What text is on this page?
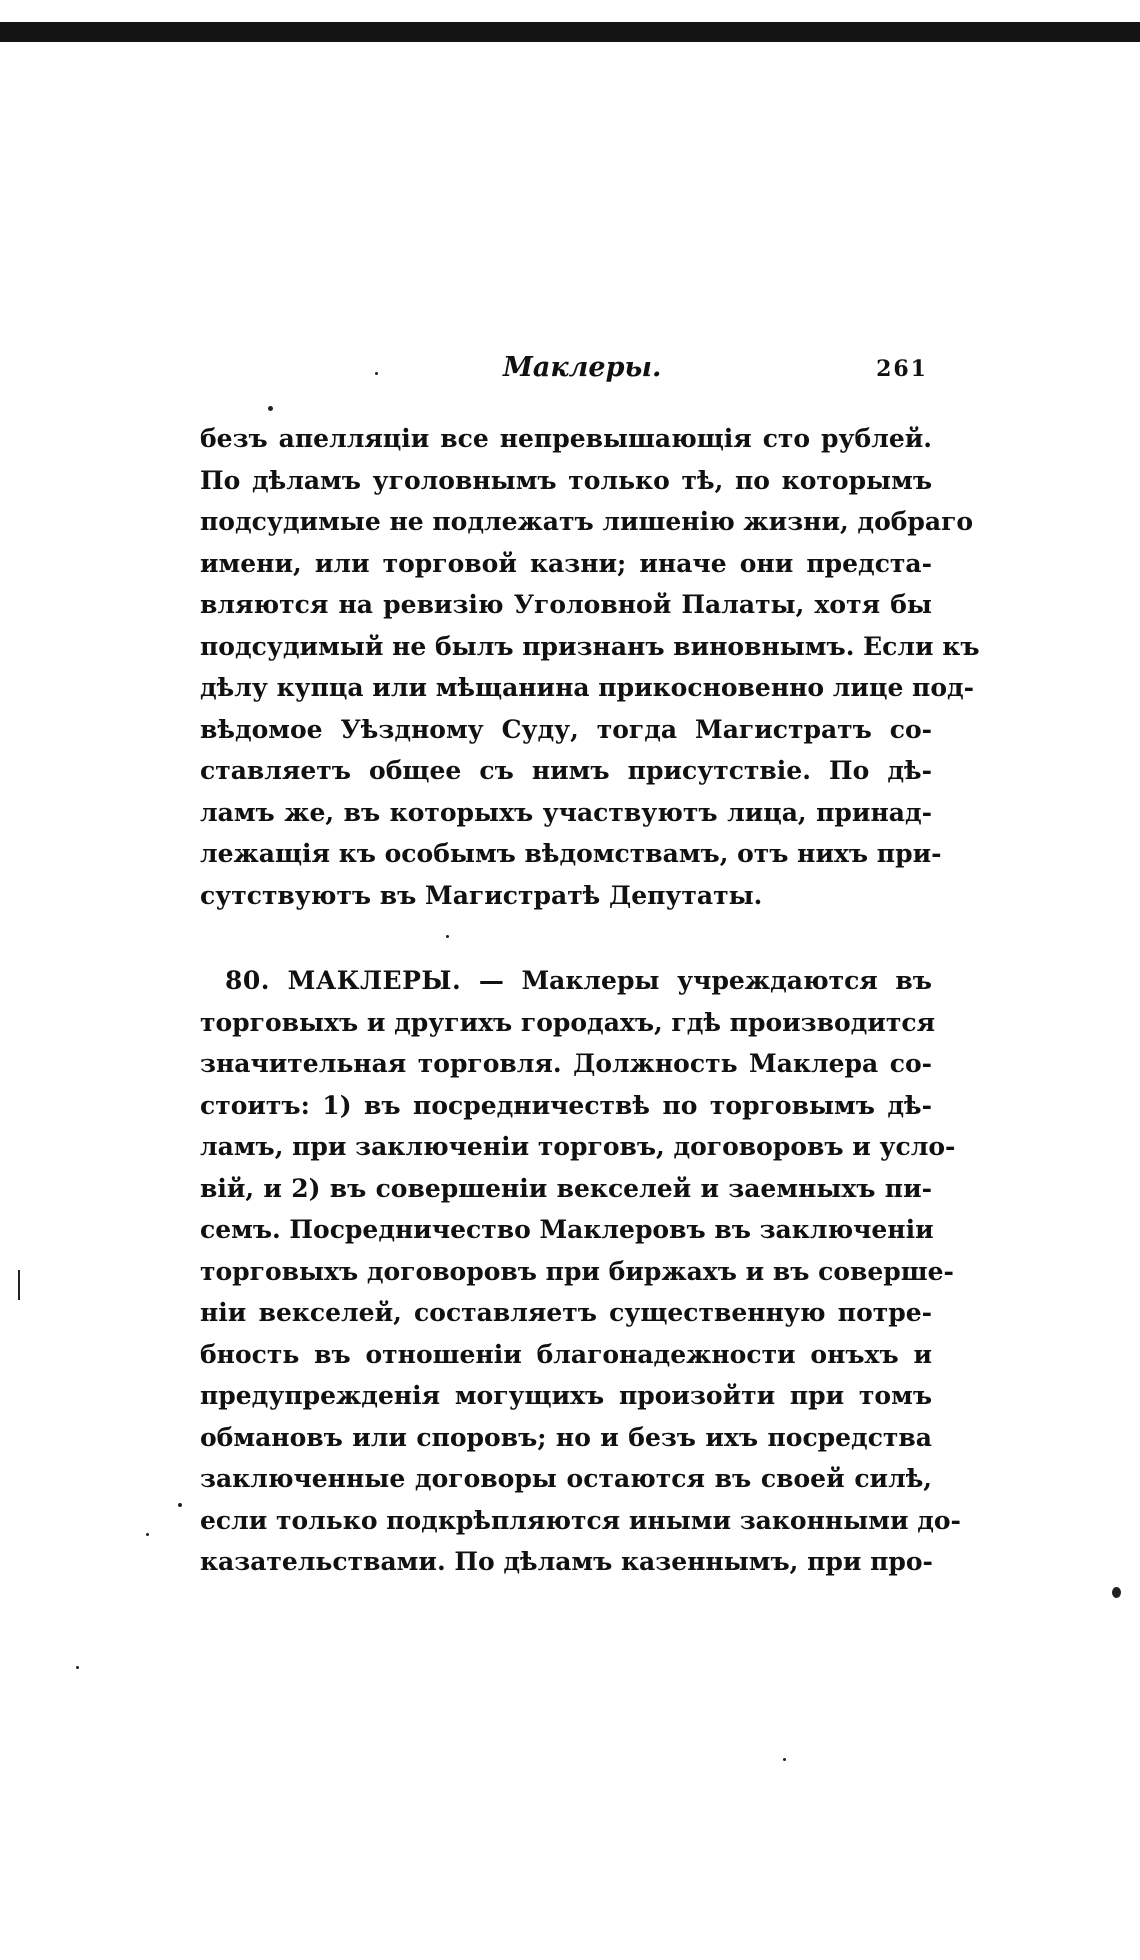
Маклеры.	261
безъ апелляціи все непревышающія сто рублей.
По дѣламъ уголовнымъ только тѣ, по которымъ
подсудимые не подлежатъ лишенію жизни, добраго
имени, или торговой казни; иначе они предста-
вляются на ревизію Уголовной Палаты, хотя бы
подсудимый не былъ признанъ виновнымъ. Если къ
дѣлу купца или мѣщанина прикосновенно лице под-
вѣдомое Уѣздному Суду, тогда Магистратъ со-
ставляетъ общее съ нимъ присутствіе. По дѣ-
ламъ же, въ которыхъ участвуютъ лица, принад-
лежащія къ особымъ вѣдомствамъ, отъ нихъ при-
сутствуютъ въ Магистратѣ Депутаты.
 80. МАКЛЕРЫ. — Маклеры учреждаются въ
торговыхъ и другихъ городахъ, гдѣ производится
значительная торговля. Должность Маклера со-
стоитъ: 1) въ посредничествѣ по торговымъ дѣ-
ламъ, при заключеніи торговъ, договоровъ и усло-
вій, и 2) въ совершеніи векселей и заемныхъ пи-
семъ. Посредничество Маклеровъ въ заключеніи
торговыхъ договоровъ при биржахъ и въ соверше-
ніи векселей, составляетъ существенную потре-
бность въ отношеніи благонадежности онъхъ и
предупрежденія могущихъ произойти при томъ
обмановъ или споровъ; но и безъ ихъ посредства
заключенные договоры остаются въ своей силѣ,
если только подкрѣпляются иными законными до-
казательствами. По дѣламъ казеннымъ, при про-
